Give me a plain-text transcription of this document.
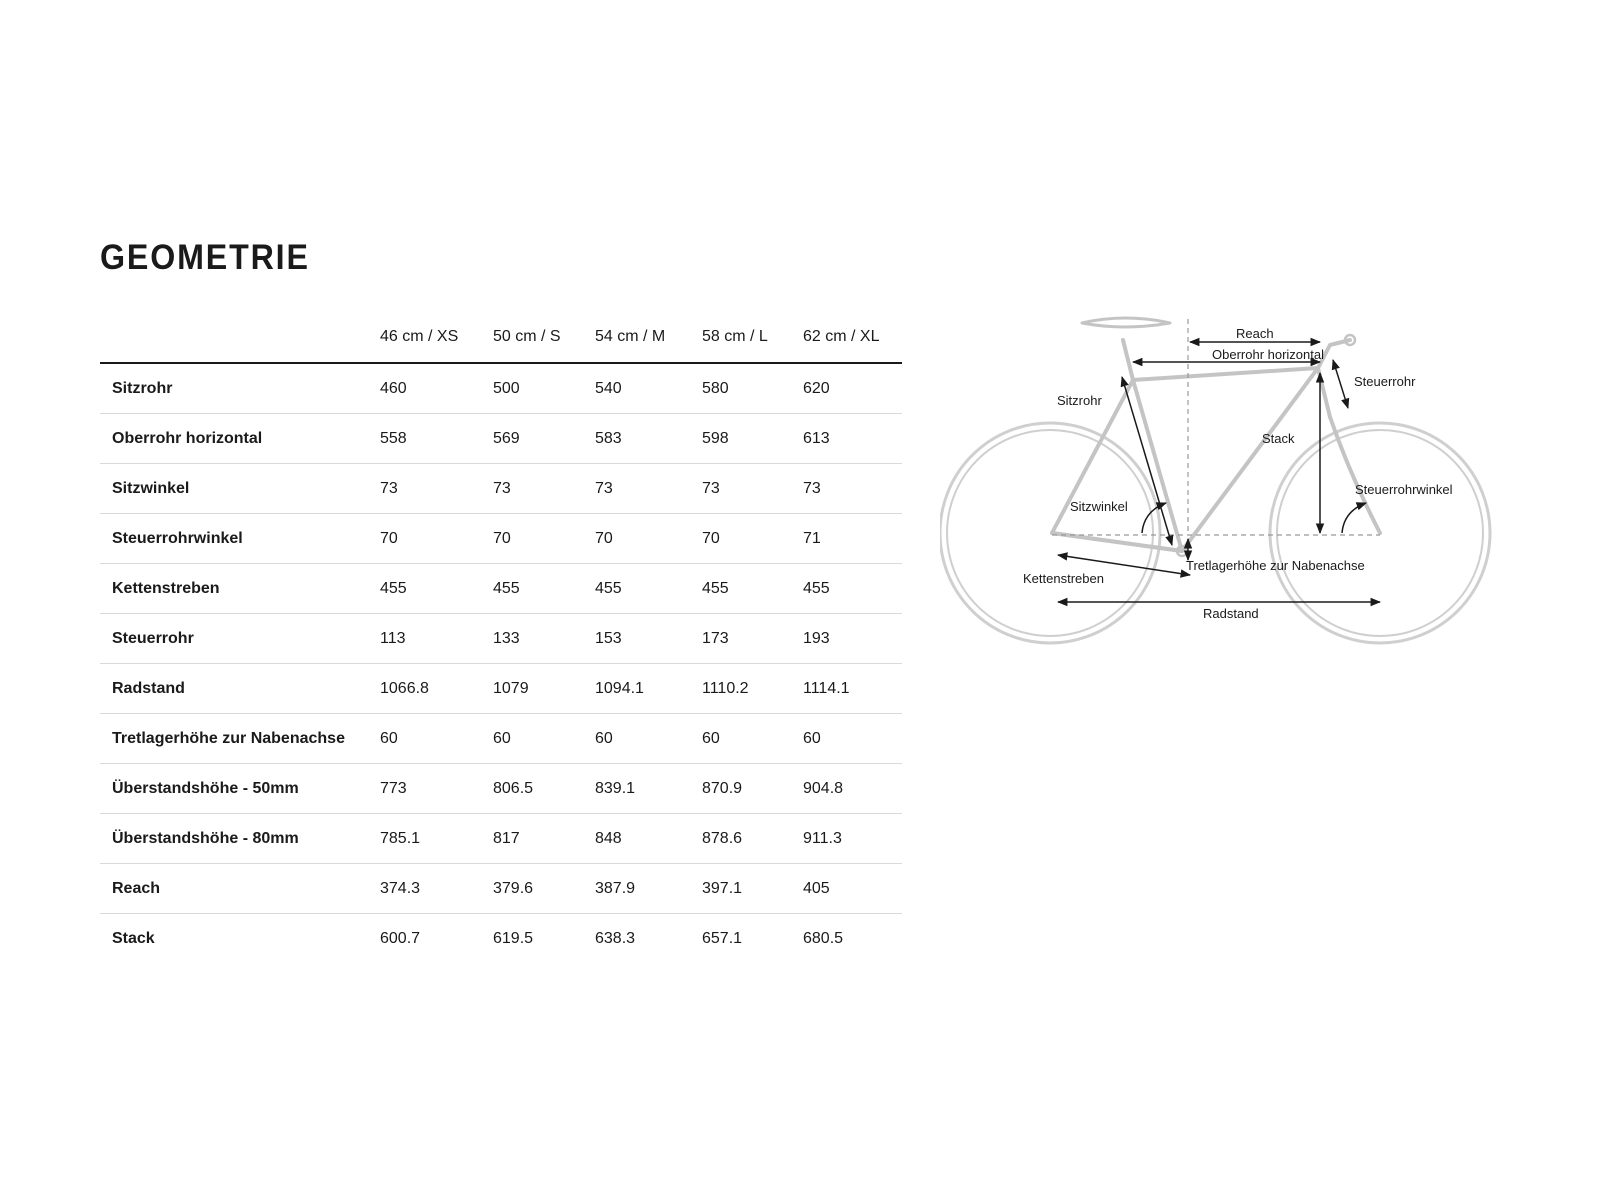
GEOMETRIE
	46 cm / XS	50 cm / S	54 cm / M	58 cm / L	62 cm / XL
Sitzrohr	460	500	540	580	620
Oberrohr horizontal	558	569	583	598	613
Sitzwinkel	73	73	73	73	73
Steuerrohrwinkel	70	70	70	70	71
Kettenstreben	455	455	455	455	455
Steuerrohr	113	133	153	173	193
Radstand	1066.8	1079	1094.1	1110.2	1114.1
Tretlagerhöhe zur Nabenachse	60	60	60	60	60
Überstandshöhe - 50mm	773	806.5	839.1	870.9	904.8
Überstandshöhe - 80mm	785.1	817	848	878.6	911.3
Reach	374.3	379.6	387.9	397.1	405
Stack	600.7	619.5	638.3	657.1	680.5
Reach
Oberrohr horizontal
Steuerrohr
Sitzrohr
Stack
Sitzwinkel
Steuerrohrwinkel
Tretlagerhöhe zur Nabenachse
Kettenstreben
Radstand
